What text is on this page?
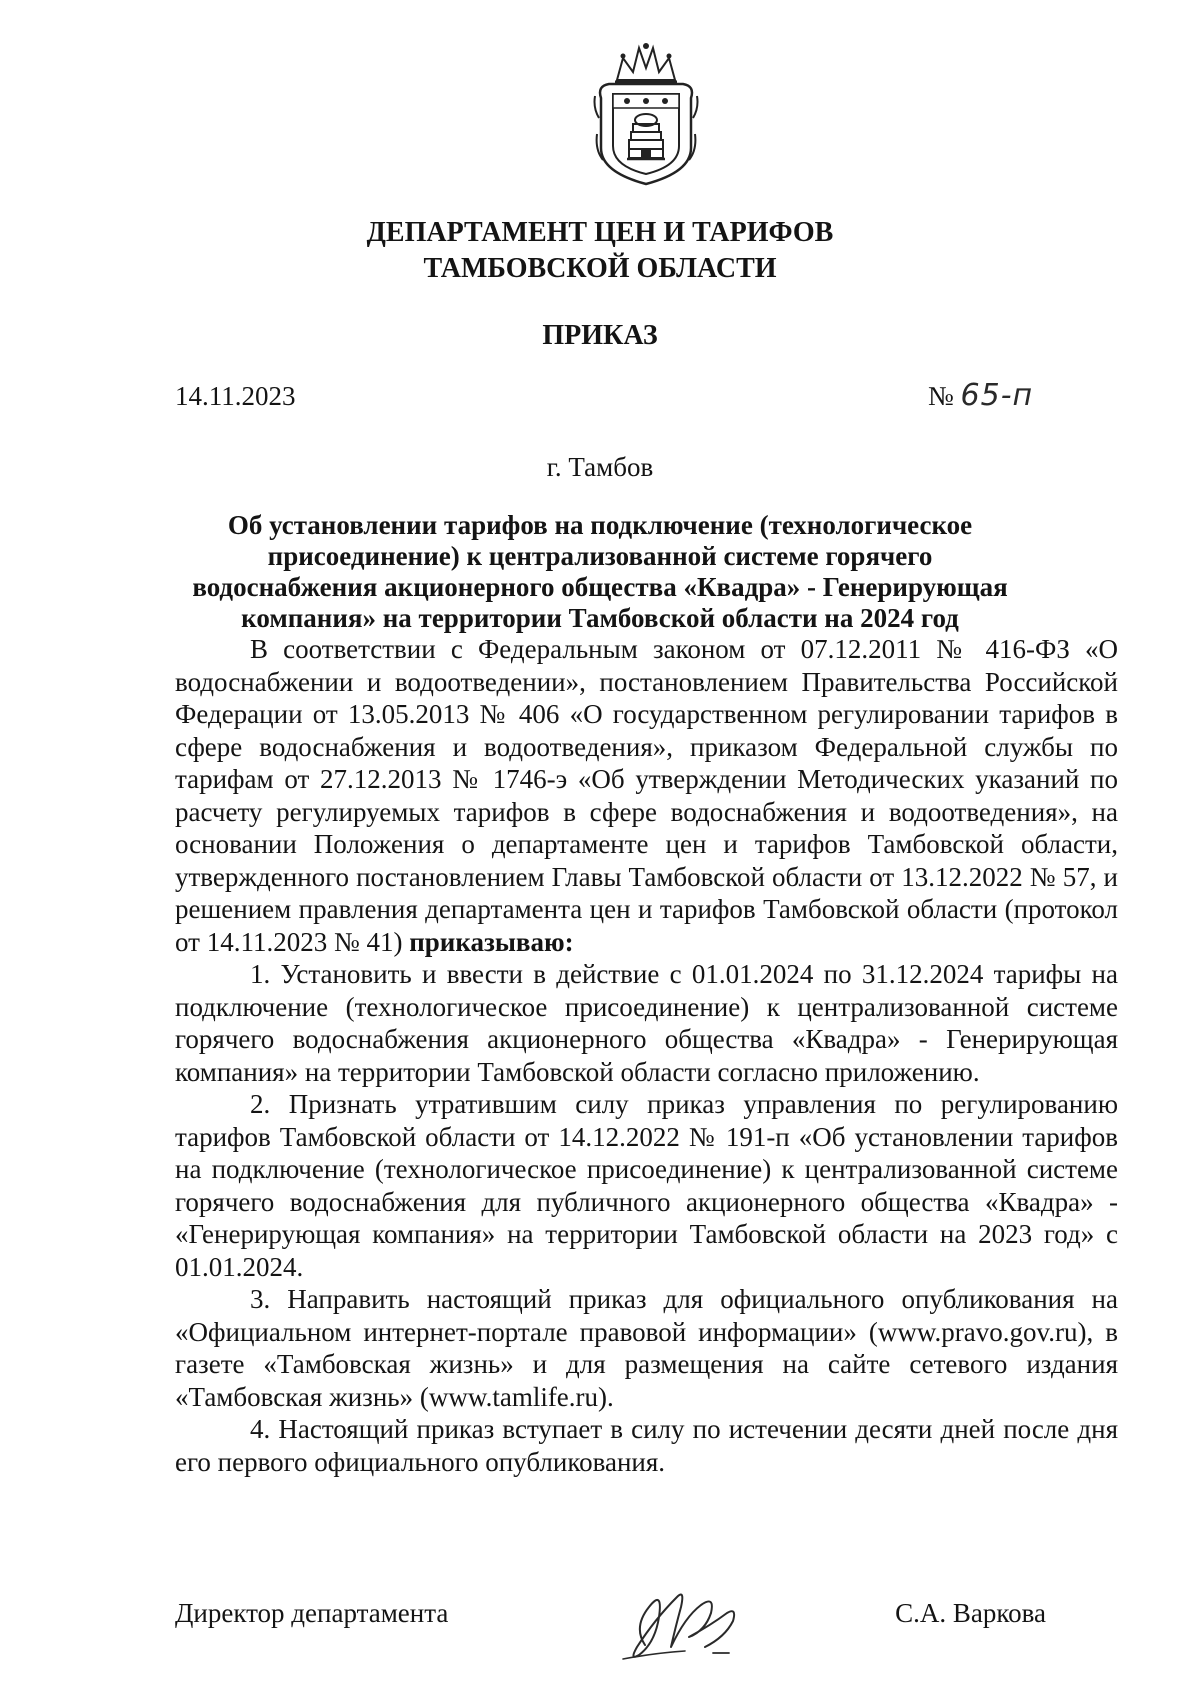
ДЕПАРТАМЕНТ ЦЕН И ТАРИФОВ
ТАМБОВСКОЙ ОБЛАСТИ
ПРИКАЗ
14.11.2023	№ 65-п
г. Тамбов
Об установлении тарифов на подключение (технологическое присоединение) к централизованной системе горячего водоснабжения акционерного общества «Квадра» - Генерирующая компания» на территории Тамбовской области на 2024 год

В соответствии с Федеральным законом от 07.12.2011 № 416-ФЗ «О водоснабжении и водоотведении», постановлением Правительства Российской Федерации от 13.05.2013 № 406 «О государственном регулировании тарифов в сфере водоснабжения и водоотведения», приказом Федеральной службы по тарифам от 27.12.2013 № 1746-э «Об утверждении Методических указаний по расчету регулируемых тарифов в сфере водоснабжения и водоотведения», на основании Положения о департаменте цен и тарифов Тамбовской области, утвержденного постановлением Главы Тамбовской области от 13.12.2022 № 57, и решением правления департамента цен и тарифов Тамбовской области (протокол от 14.11.2023 № 41) приказываю:

1. Установить и ввести в действие с 01.01.2024 по 31.12.2024 тарифы на подключение (технологическое присоединение) к централизованной системе горячего водоснабжения акционерного общества «Квадра» - Генерирующая компания» на территории Тамбовской области согласно приложению.

2. Признать утратившим силу приказ управления по регулированию тарифов Тамбовской области от 14.12.2022 № 191-п «Об установлении тарифов на подключение (технологическое присоединение) к централизованной системе горячего водоснабжения для публичного акционерного общества «Квадра» - «Генерирующая компания» на территории Тамбовской области на 2023 год» с 01.01.2024.

3. Направить настоящий приказ для официального опубликования на «Официальном интернет-портале правовой информации» (www.pravo.gov.ru), в газете «Тамбовская жизнь» и для размещения на сайте сетевого издания «Тамбовская жизнь» (www.tamlife.ru).

4. Настоящий приказ вступает в силу по истечении десяти дней после дня его первого официального опубликования.

Директор департамента	С.А. Варкова
